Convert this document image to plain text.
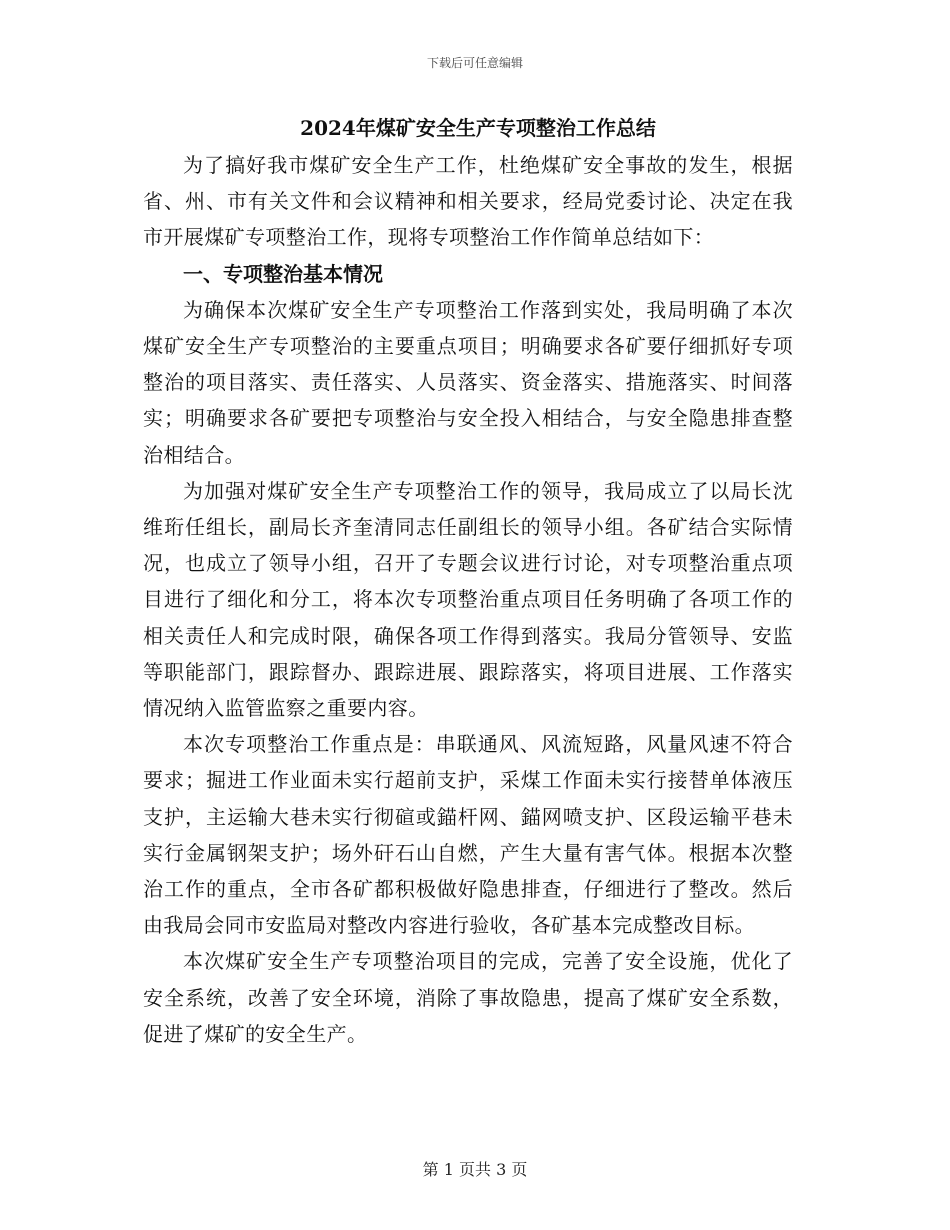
下载后可任意编辑
2024年煤矿安全生产专项整治工作总结

为了搞好我市煤矿安全生产工作，杜绝煤矿安全事故的发生，根据省、州、市有关文件和会议精神和相关要求，经局党委讨论、决定在我市开展煤矿专项整治工作，现将专项整治工作作简单总结如下：

一、专项整治基本情况

为确保本次煤矿安全生产专项整治工作落到实处，我局明确了本次煤矿安全生产专项整治的主要重点项目；明确要求各矿要仔细抓好专项整治的项目落实、责任落实、人员落实、资金落实、措施落实、时间落实；明确要求各矿要把专项整治与安全投入相结合，与安全隐患排查整治相结合。

为加强对煤矿安全生产专项整治工作的领导，我局成立了以局长沈维珩任组长，副局长齐奎清同志任副组长的领导小组。各矿结合实际情况，也成立了领导小组，召开了专题会议进行讨论，对专项整治重点项目进行了细化和分工，将本次专项整治重点项目任务明确了各项工作的相关责任人和完成时限，确保各项工作得到落实。我局分管领导、安监等职能部门，跟踪督办、跟踪进展、跟踪落实，将项目进展、工作落实情况纳入监管监察之重要内容。

本次专项整治工作重点是：串联通风、风流短路，风量风速不符合要求；掘进工作业面未实行超前支护，采煤工作面未实行接替单体液压支护，主运输大巷未实行彻碹或錨杆网、錨网喷支护、区段运输平巷未实行金属钢架支护；场外矸石山自燃，产生大量有害气体。根据本次整治工作的重点，全市各矿都积极做好隐患排查，仔细进行了整改。然后由我局会同市安监局对整改内容进行验收，各矿基本完成整改目标。

本次煤矿安全生产专项整治项目的完成，完善了安全设施，优化了安全系统，改善了安全环境，消除了事故隐患，提高了煤矿安全系数，促进了煤矿的安全生产。

第 1 页共 3 页
